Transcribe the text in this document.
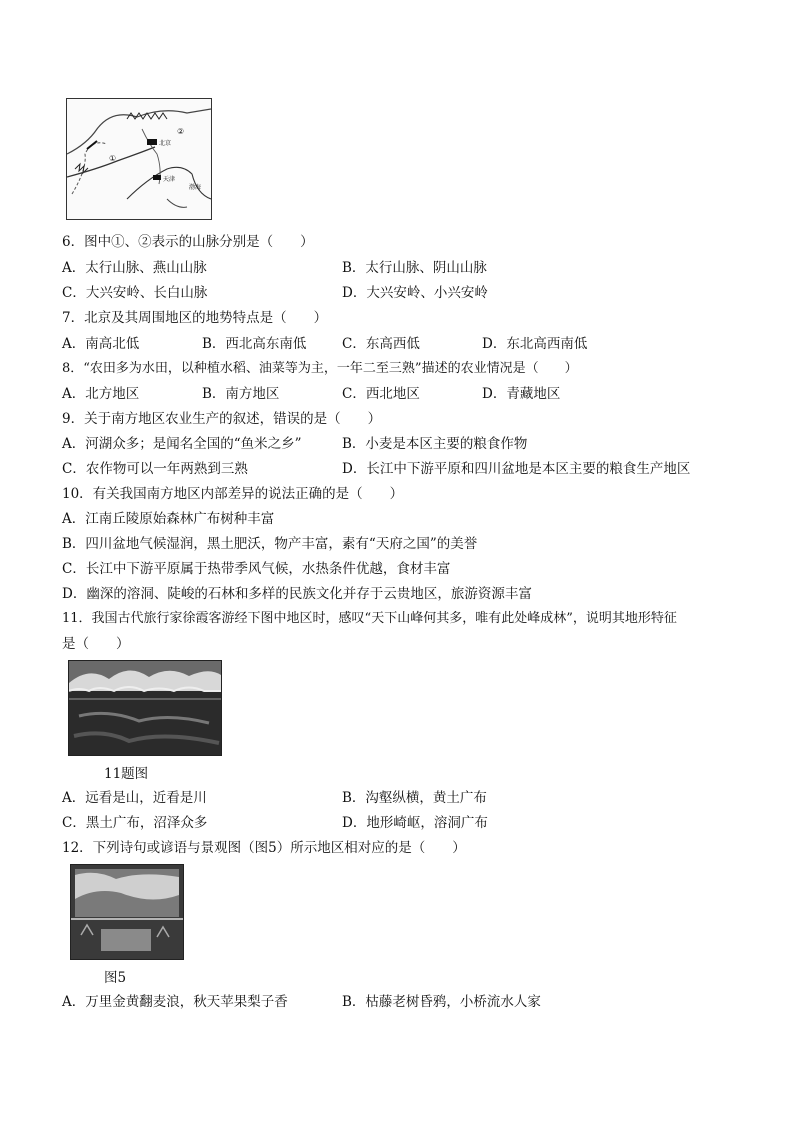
①
②
北京
天津
渤海
6．图中①、②表示的山脉分别是（　　）
A．太行山脉、燕山山脉	B．太行山脉、阴山山脉
C．大兴安岭、长白山脉	D．大兴安岭、小兴安岭
7．北京及其周围地区的地势特点是（　　）
A．南高北低	B．西北高东南低	C．东高西低	D．东北高西南低
8．“农田多为水田，以种植水稻、油菜等为主，一年二至三熟”描述的农业情况是（　　）
A．北方地区	B．南方地区	C．西北地区	D．青藏地区
9．关于南方地区农业生产的叙述，错误的是（　　）
A．河湖众多；是闻名全国的“鱼米之乡”	B．小麦是本区主要的粮食作物
C．农作物可以一年两熟到三熟	D．长江中下游平原和四川盆地是本区主要的粮食生产地区
10．有关我国南方地区内部差异的说法正确的是（　　）
A．江南丘陵原始森林广布树种丰富
B．四川盆地气候湿润，黑土肥沃，物产丰富，素有“天府之国”的美誉
C．长江中下游平原属于热带季风气候，水热条件优越，食材丰富
D．幽深的溶洞、陡峻的石林和多样的民族文化并存于云贵地区，旅游资源丰富
11．我国古代旅行家徐霞客游经下图中地区时，感叹“天下山峰何其多，唯有此处峰成林”，说明其地形特征
是（　　）
11题图
A．远看是山，近看是川	B．沟壑纵横，黄土广布
C．黑土广布，沼泽众多	D．地形崎岖，溶洞广布
12．下列诗句或谚语与景观图（图5）所示地区相对应的是（　　）
图5
A．万里金黄翻麦浪，秋天苹果梨子香	B．枯藤老树昏鸦，小桥流水人家
